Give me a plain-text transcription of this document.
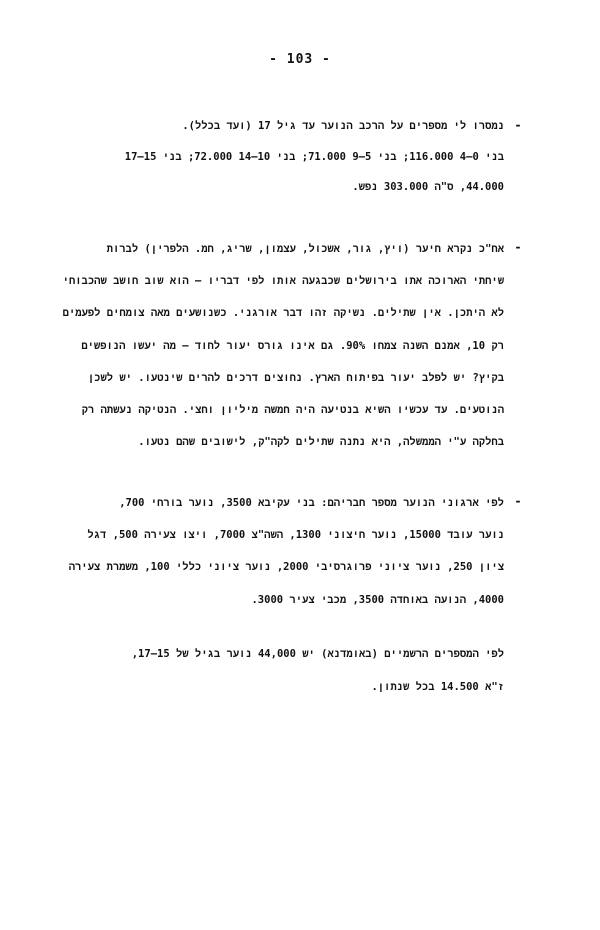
- 103 -
-
נמסרו לי מספרים על הרכב הנוער עד גיל 17 (ועד בכלל).
בני 0–4 116.000; בני 5–9 71.000; בני 10–14 72.000; בני 15–17
44.000, ס"ה 303.000 נפש.
-
אח"כ נקרא חיער (ויץ, גור, אשכול, עצמון, שריג, חמ. הלפרין) לברות
שיחתי הארוכה אתו בירושלים שכבגעה אותו לפי דבריו – הוא שוב חושב שהכבוחי
לא היתכן. אין שתילים. נשיקה זהו דבר אורגני. כשנושעים מאה צומחים לפעמים
רק 10, אמנם השנה צמחו 90%. גם אינו גורס יעור לחוד – מה יעשו הנופשים
בקיץ? יש לפלב יעור בפיתוח הארץ. נחוצים דרכים להרים שינטעו. יש לשכן
הנוטעים. עד עכשיו השיא בנטיעה היה חמשה מיליון וחצי. הנטיקה נעשתה רק
בחלקה ע"י הממשלה, היא נתנה שתילים לקה"ק, לישובים שהם נטעו.
-
לפי ארגוני הנוער מספר חבריהם: בני עקיבא 3500, נוער בורחי 700,
נוער עובד 15000, נוער חיצוני 1300, השה"צ 7000, ויצו צעירה 500, דגל
ציון 250, נוער ציוני פרוגרסיבי 2000, נוער ציוני כללי 100, משמרת צעירה
4000, הנועה באוחדה 3500, מכבי צעיר 3000.
לפי המספרים הרשמיים (באומדנא) יש 44,000 נוער בגיל של 15–17,
ז"א 14.500 בכל שנתון.
